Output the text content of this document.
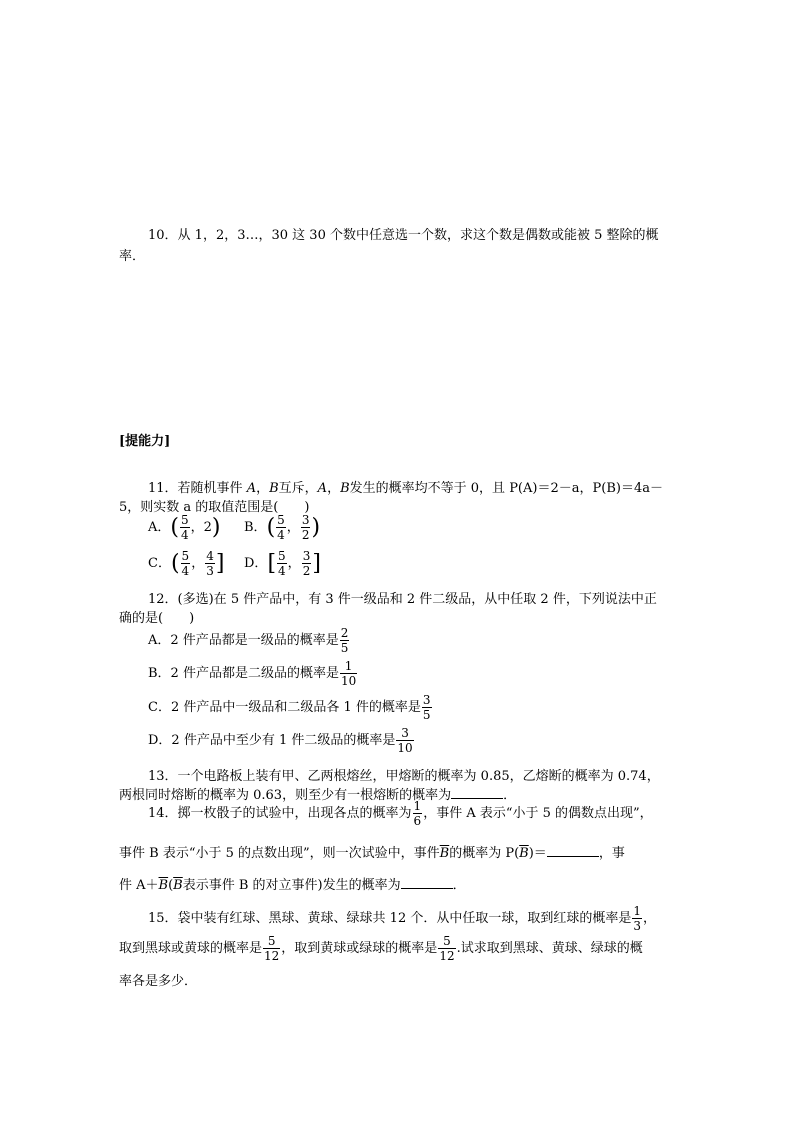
10．从 1，2，3…，30 这 30 个数中任意选一个数，求这个数是偶数或能被 5 整除的概
率．
[提能力]
11．若随机事件 A，B互斥，A，B发生的概率均不等于 0，且 P(A)＝2－a，P(B)＝4a－
5，则实数 a 的取值范围是(　　)
A．( $\frac{5}{4}$ ，2) B．( $\frac{5}{4}$ ， $\frac{3}{2}$ )
C．( $\frac{5}{4}$ ， $\frac{4}{3}$ ] D．[ $\frac{5}{4}$ ， $\frac{3}{2}$ ]
12．(多选)在 5 件产品中，有 3 件一级品和 2 件二级品，从中任取 2 件，下列说法中正
确的是(　　)
A．2 件产品都是一级品的概率是 $\frac{2}{5}$
B．2 件产品都是二级品的概率是 $\frac{1}{10}$
C．2 件产品中一级品和二级品各 1 件的概率是 $\frac{3}{5}$
D．2 件产品中至少有 1 件二级品的概率是 $\frac{3}{10}$
13．一个电路板上装有甲、乙两根熔丝，甲熔断的概率为 0.85，乙熔断的概率为 0.74，
两根同时熔断的概率为 0.63，则至少有一根熔断的概率为	．
14．掷一枚骰子的试验中，出现各点的概率为 $\frac{1}{6}$ ，事件 A 表示“小于 5 的偶数点出现”，
事件 B 表示“小于 5 的点数出现”，则一次试验中，事件$\overline{B}$的概率为 $P(\overline{B})=$	，事
件 $A+\overline{B}(\overline{B}$表示事件 B 的对立事件)发生的概率为	．
15．袋中装有红球、黑球、黄球、绿球共 12 个．从中任取一球，取到红球的概率是 $\frac{1}{3}$ ，
取到黑球或黄球的概率是 $\frac{5}{12}$ ，取到黄球或绿球的概率是 $\frac{5}{12}$ .试求取到黑球、黄球、绿球的概
率各是多少．
